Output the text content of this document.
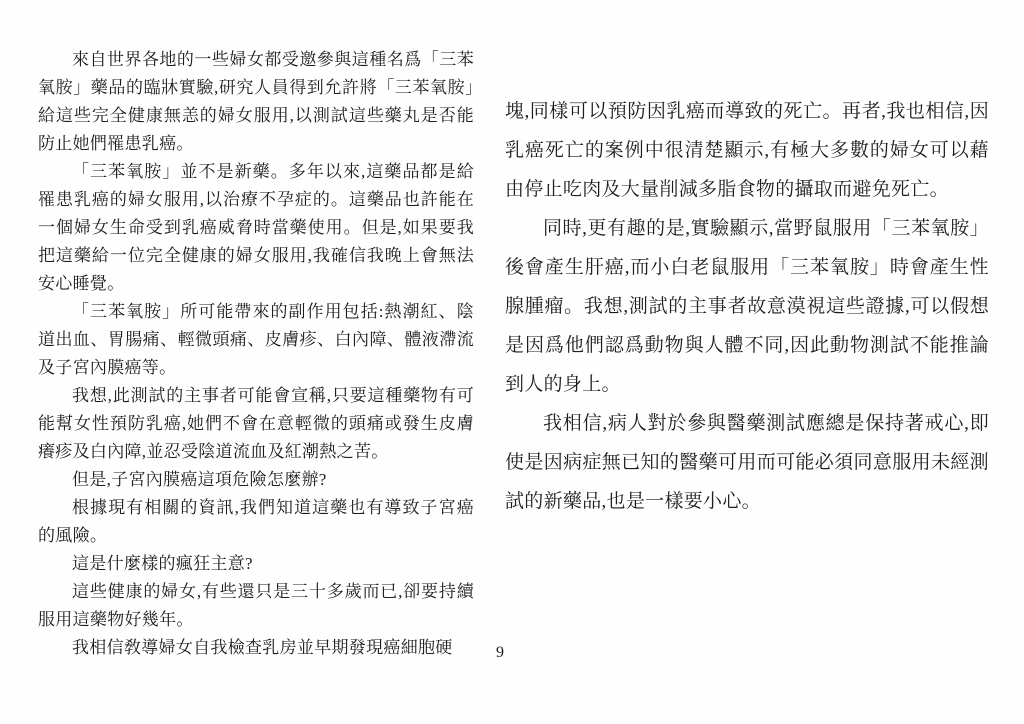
來自世界各地的一些婦女都受邀參與這種名爲「三苯氧胺」藥品的臨牀實驗,研究人員得到允許將「三苯氧胺」給這些完全健康無恙的婦女服用,以測試這些藥丸是否能防止她們罹患乳癌。

「三苯氧胺」並不是新藥。多年以來,這藥品都是給罹患乳癌的婦女服用,以治療不孕症的。這藥品也許能在一個婦女生命受到乳癌威脅時當藥使用。但是,如果要我把這藥給一位完全健康的婦女服用,我確信我晚上會無法安心睡覺。

「三苯氧胺」所可能帶來的副作用包括:熱潮紅、陰道出血、胃腸痛、輕微頭痛、皮膚疹、白內障、體液滯流及子宮內膜癌等。

我想,此測試的主事者可能會宣稱,只要這種藥物有可能幫女性預防乳癌,她們不會在意輕微的頭痛或發生皮膚癢疹及白內障,並忍受陰道流血及紅潮熱之苦。

但是,子宮內膜癌這項危險怎麼辦?

根據現有相關的資訊,我們知道這藥也有導致子宮癌的風險。

這是什麼樣的瘋狂主意?

這些健康的婦女,有些還只是三十多歲而已,卻要持續服用這藥物好幾年。

我相信敎導婦女自我檢查乳房並早期發現癌細胞硬

塊,同樣可以預防因乳癌而導致的死亡。再者,我也相信,因乳癌死亡的案例中很清楚顯示,有極大多數的婦女可以藉由停止吃肉及大量削減多脂食物的攝取而避免死亡。

同時,更有趣的是,實驗顯示,當野鼠服用「三苯氧胺」後會產生肝癌,而小白老鼠服用「三苯氧胺」時會產生性腺腫瘤。我想,測試的主事者故意漠視這些證據,可以假想是因爲他們認爲動物與人體不同,因此動物測試不能推論到人的身上。

我相信,病人對於參與醫藥測試應總是保持著戒心,即使是因病症無已知的醫藥可用而可能必須同意服用未經測試的新藥品,也是一樣要小心。

9
